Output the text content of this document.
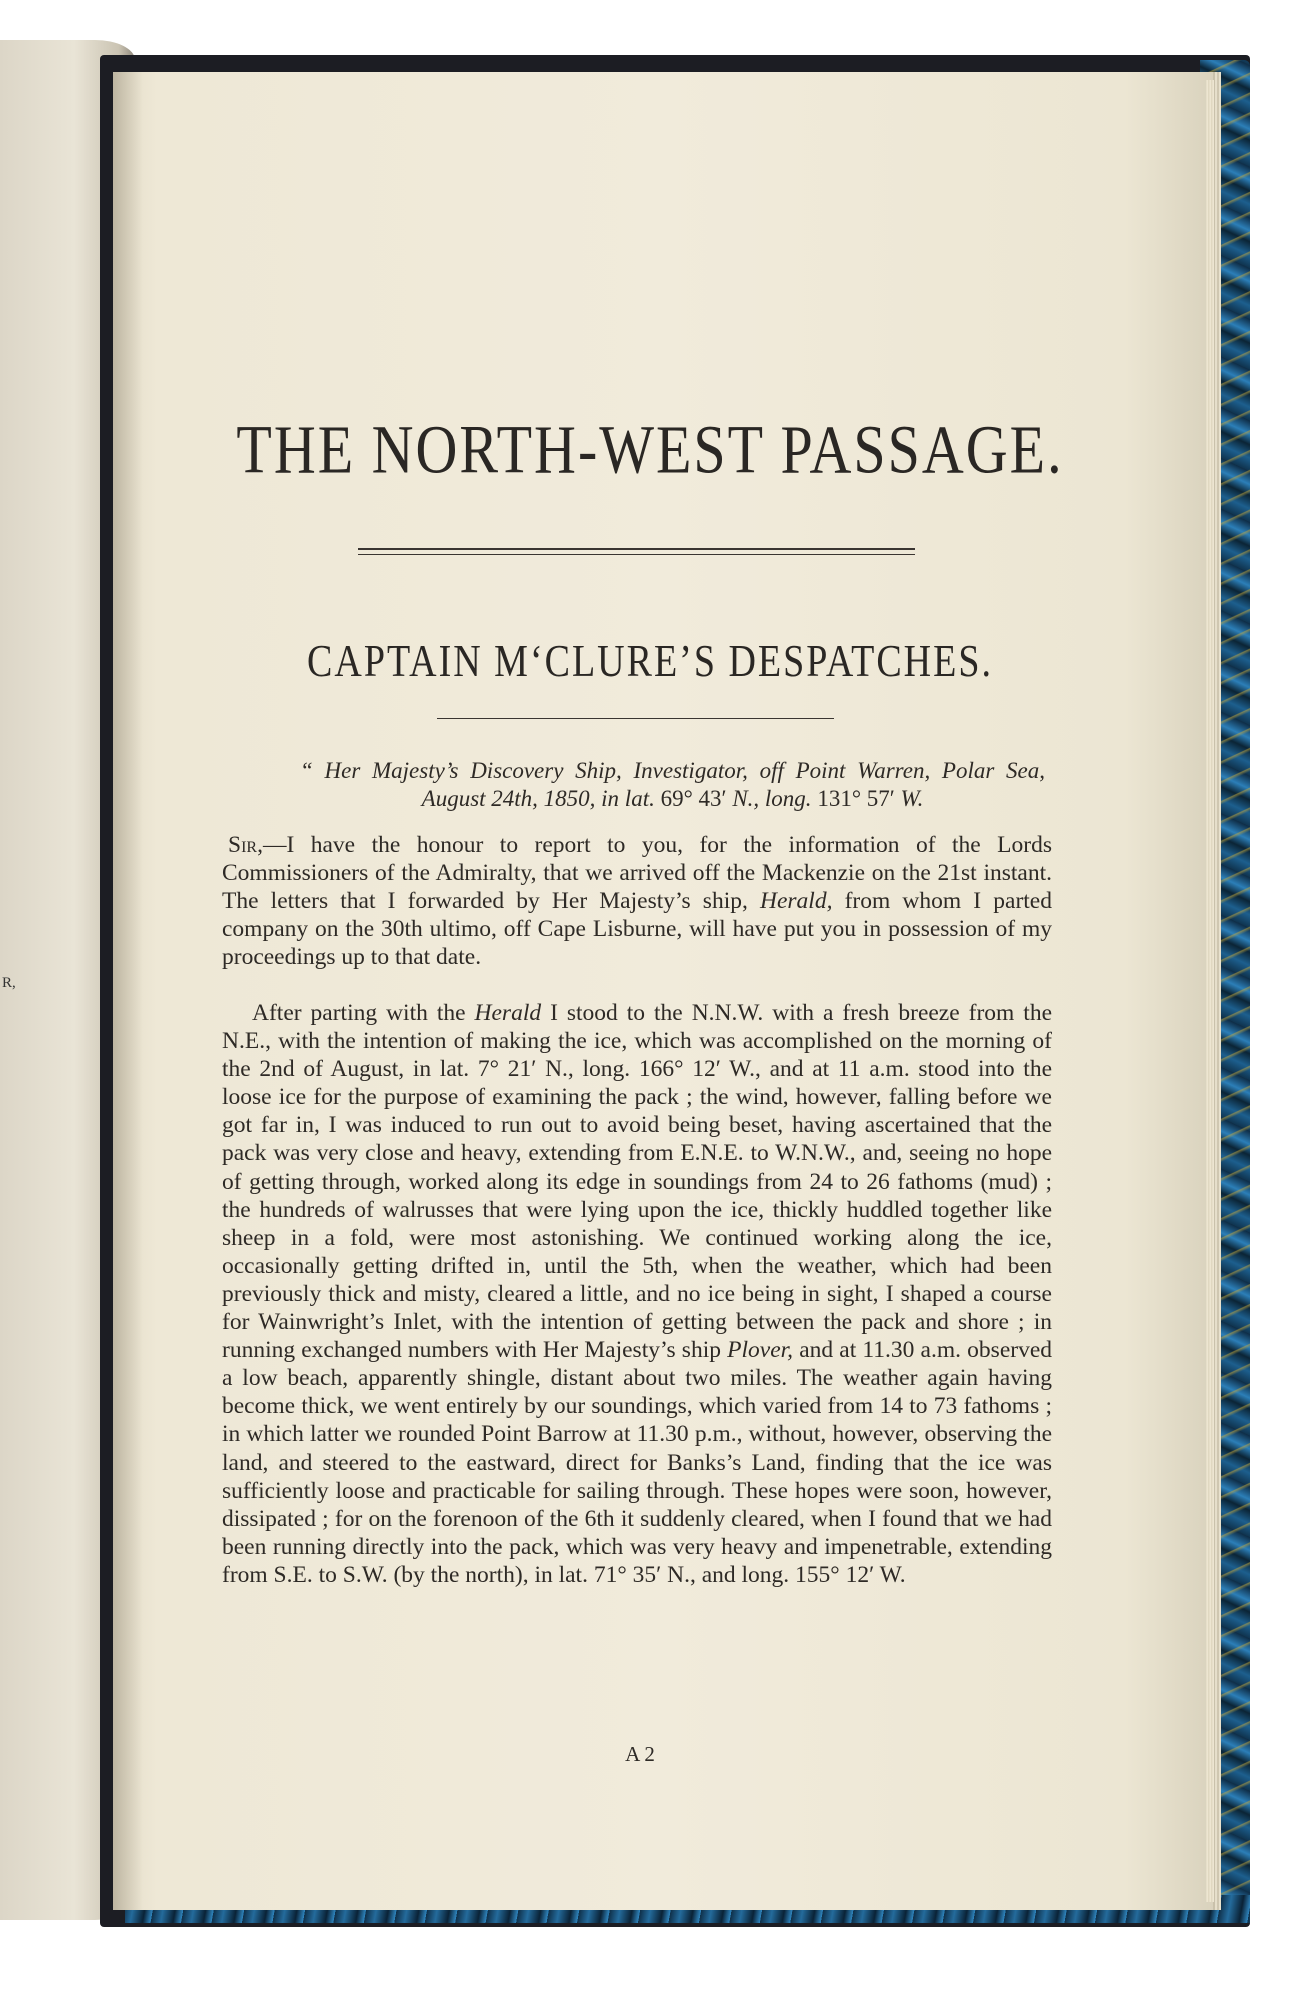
R,
THE NORTH-WEST PASSAGE.
CAPTAIN M‘CLURE’S DESPATCHES.

“ Her Majesty’s Discovery Ship, Investigator, off Point Warren, Polar Sea, August 24th, 1850, in lat. 69° 43′ N., long. 131° 57′ W.

Sir,—I have the honour to report to you, for the information of the Lords Commissioners of the Admiralty, that we arrived off the Mackenzie on the 21st instant. The letters that I forwarded by Her Majesty’s ship, Herald, from whom I parted company on the 30th ultimo, off Cape Lisburne, will have put you in possession of my proceedings up to that date.

After parting with the Herald I stood to the N.N.W. with a fresh breeze from the N.E., with the intention of making the ice, which was accomplished on the morning of the 2nd of August, in lat. 7° 21′ N., long. 166° 12′ W., and at 11 a.m. stood into the loose ice for the purpose of examining the pack ; the wind, however, falling before we got far in, I was induced to run out to avoid being beset, having ascertained that the pack was very close and heavy, extending from E.N.E. to W.N.W., and, seeing no hope of getting through, worked along its edge in soundings from 24 to 26 fathoms (mud) ; the hundreds of walrusses that were lying upon the ice, thickly huddled together like sheep in a fold, were most astonishing. We continued working along the ice, occasionally getting drifted in, until the 5th, when the weather, which had been previously thick and misty, cleared a little, and no ice being in sight, I shaped a course for Wainwright’s Inlet, with the intention of getting between the pack and shore ; in running exchanged numbers with Her Majesty’s ship Plover, and at 11.30 a.m. observed a low beach, apparently shingle, distant about two miles. The weather again having become thick, we went entirely by our soundings, which varied from 14 to 73 fathoms ; in which latter we rounded Point Barrow at 11.30 p.m., without, however, observing the land, and steered to the eastward, direct for Banks’s Land, finding that the ice was sufficiently loose and practicable for sailing through. These hopes were soon, however, dissipated ; for on the forenoon of the 6th it suddenly cleared, when I found that we had been running directly into the pack, which was very heavy and impenetrable, extending from S.E. to S.W. (by the north), in lat. 71° 35′ N., and long. 155° 12′ W.

A 2
